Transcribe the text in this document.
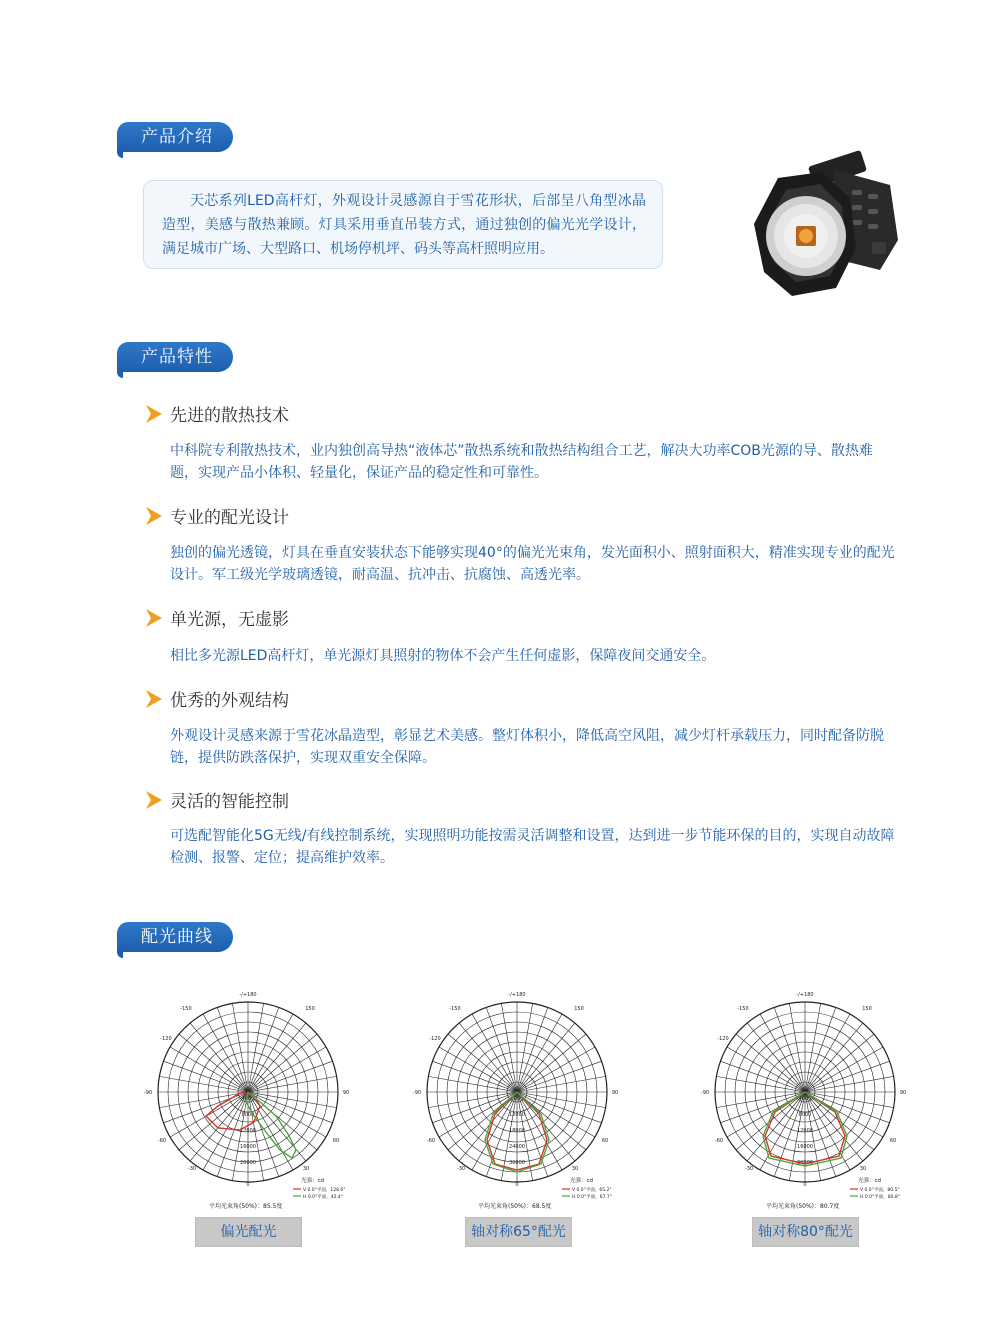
产品介绍
天芯系列LED高杆灯，外观设计灵感源自于雪花形状，后部呈八角型冰晶造型，美感与散热兼顾。灯具采用垂直吊装方式，通过独创的偏光光学设计，满足城市广场、大型路口、机场停机坪、码头等高杆照明应用。
产品特性
先进的散热技术
中科院专利散热技术，业内独创高导热“液体芯”散热系统和散热结构组合工艺，解决大功率COB光源的导、散热难题，实现产品小体积、轻量化，保证产品的稳定性和可靠性。
专业的配光设计
独创的偏光透镜，灯具在垂直安装状态下能够实现40°的偏光光束角，发光面积小、照射面积大，精准实现专业的配光设计。军工级光学玻璃透镜，耐高温、抗冲击、抗腐蚀、高透光率。
单光源，无虚影
相比多光源LED高杆灯，单光源灯具照射的物体不会产生任何虚影，保障夜间交通安全。
优秀的外观结构
外观设计灵感来源于雪花冰晶造型，彰显艺术美感。整灯体积小，降低高空风阻，减少灯杆承载压力，同时配备防脱链，提供防跌落保护，实现双重安全保障。
灵活的智能控制
可选配智能化5G无线/有线控制系统，实现照明功能按需灵活调整和设置，达到进一步节能环保的目的，实现自动故障检测、报警、定位；提高维护效率。
配光曲线
-/+180
-150	150
-120
-90
-60
-30
90
60
30
0
4000
8000
12000
16000
20000
光强：cd
V 0.0°平面，128.6°
H 0.0°平面，42.4°
平均光束角(50%)：85.5度
-/+180
-150	150
-120
-90
-60
-30
90
60
30
0
6000
12000
18000
24000
30000
光强：cd
V 0.0°平面，65.2°
H 0.0°平面，67.7°
平均光束角(50%)：68.5度
-/+180
-150	150
-120
-90
-60
-30
90
60
30
0
4000
8000
12000
16000
20000
光强：cd
V 0.0°平面，80.5°
H 0.0°平面，80.8°
平均光束角(50%)：80.7度
偏光配光	轴对称65°配光	轴对称80°配光
